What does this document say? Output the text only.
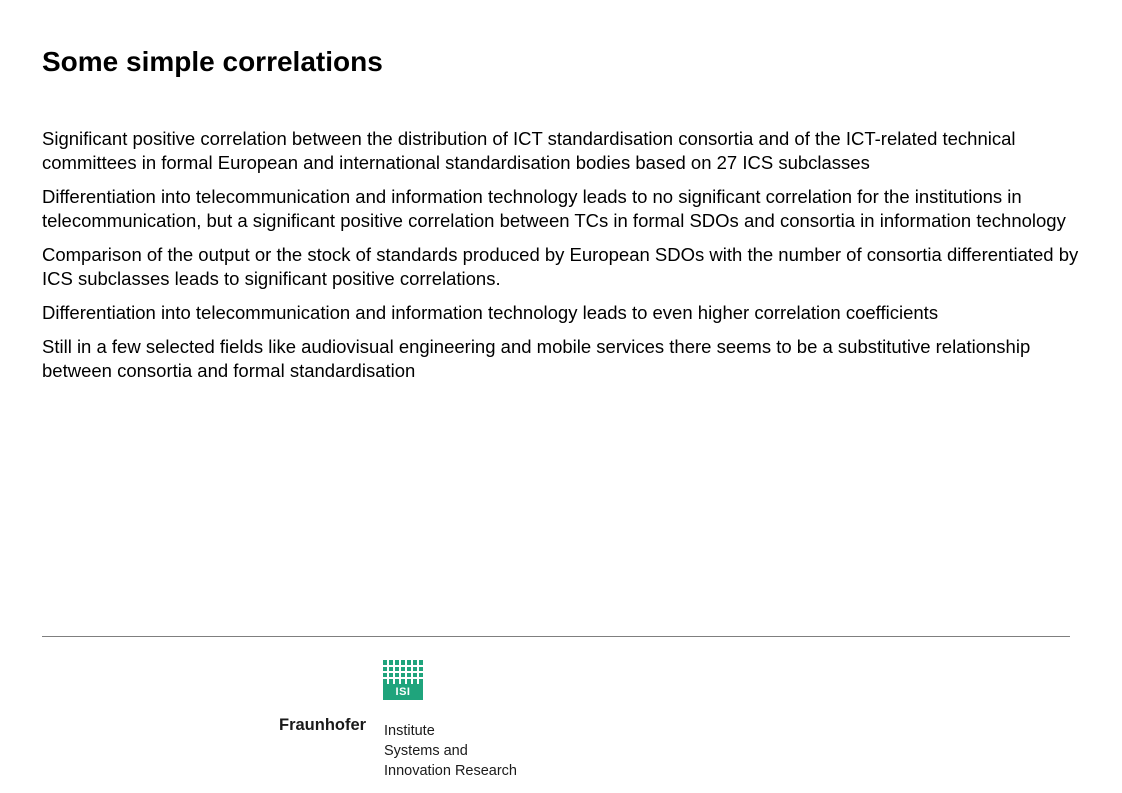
Some simple correlations

Significant positive correlation between the distribution of ICT standardisation consortia and of the ICT-related technical committees in formal European and international standardisation bodies based on 27 ICS subclasses

Differentiation into telecommunication and information technology leads to no significant correlation for the institutions in telecommunication, but a significant positive correlation between TCs in formal SDOs and consortia in information technology

Comparison of the output or the stock of standards produced by European SDOs with the number of consortia differentiated by ICS subclasses leads to significant positive correlations.

Differentiation into telecommunication and information technology leads to even higher correlation coefficients

Still in a few selected fields like audiovisual engineering and mobile services there seems to be a substitutive relationship between consortia and formal standardisation

ISI
Fraunhofer Institute
Systems and
Innovation Research
